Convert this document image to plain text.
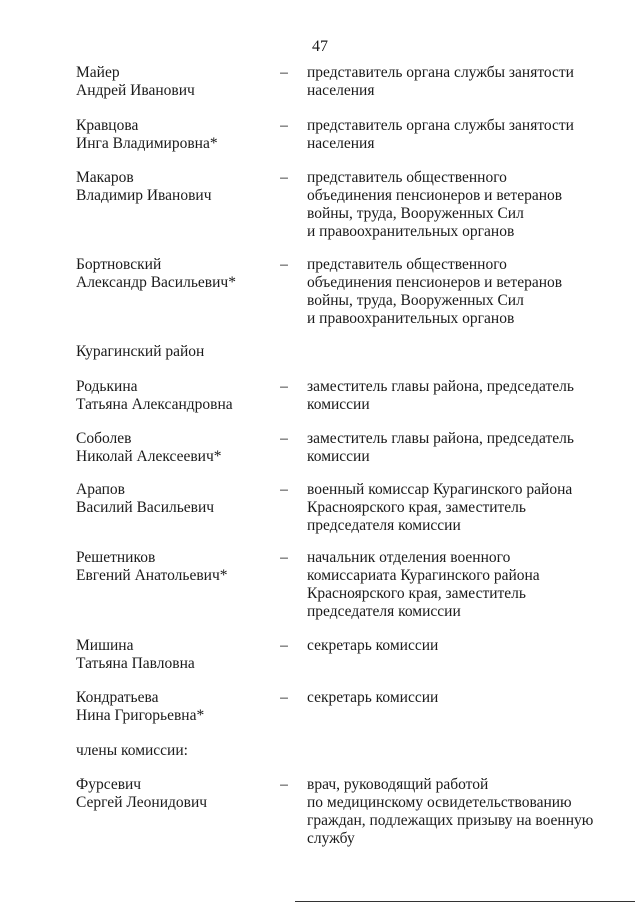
47
Майер
Андрей Иванович
– представитель органа службы занятости
населения
Кравцова
Инга Владимировна*
– представитель органа службы занятости
населения
Макаров
Владимир Иванович
– представитель общественного
объединения пенсионеров и ветеранов
войны, труда, Вооруженных Сил
и правоохранительных органов
Бортновский
Александр Васильевич*
– представитель общественного
объединения пенсионеров и ветеранов
войны, труда, Вооруженных Сил
и правоохранительных органов
Курагинский район
Родькина
Татьяна Александровна
– заместитель главы района, председатель
комиссии
Соболев
Николай Алексеевич*
– заместитель главы района, председатель
комиссии
Арапов
Василий Васильевич
– военный комиссар Курагинского района
Красноярского края, заместитель
председателя комиссии
Решетников
Евгений Анатольевич*
– начальник отделения военного
комиссариата Курагинского района
Красноярского края, заместитель
председателя комиссии
Мишина
Татьяна Павловна
– секретарь комиссии
Кондратьева
Нина Григорьевна*
– секретарь комиссии
члены комиссии:
Фурсевич
Сергей Леонидович
– врач, руководящий работой
по медицинскому освидетельствованию
граждан, подлежащих призыву на военную
службу
